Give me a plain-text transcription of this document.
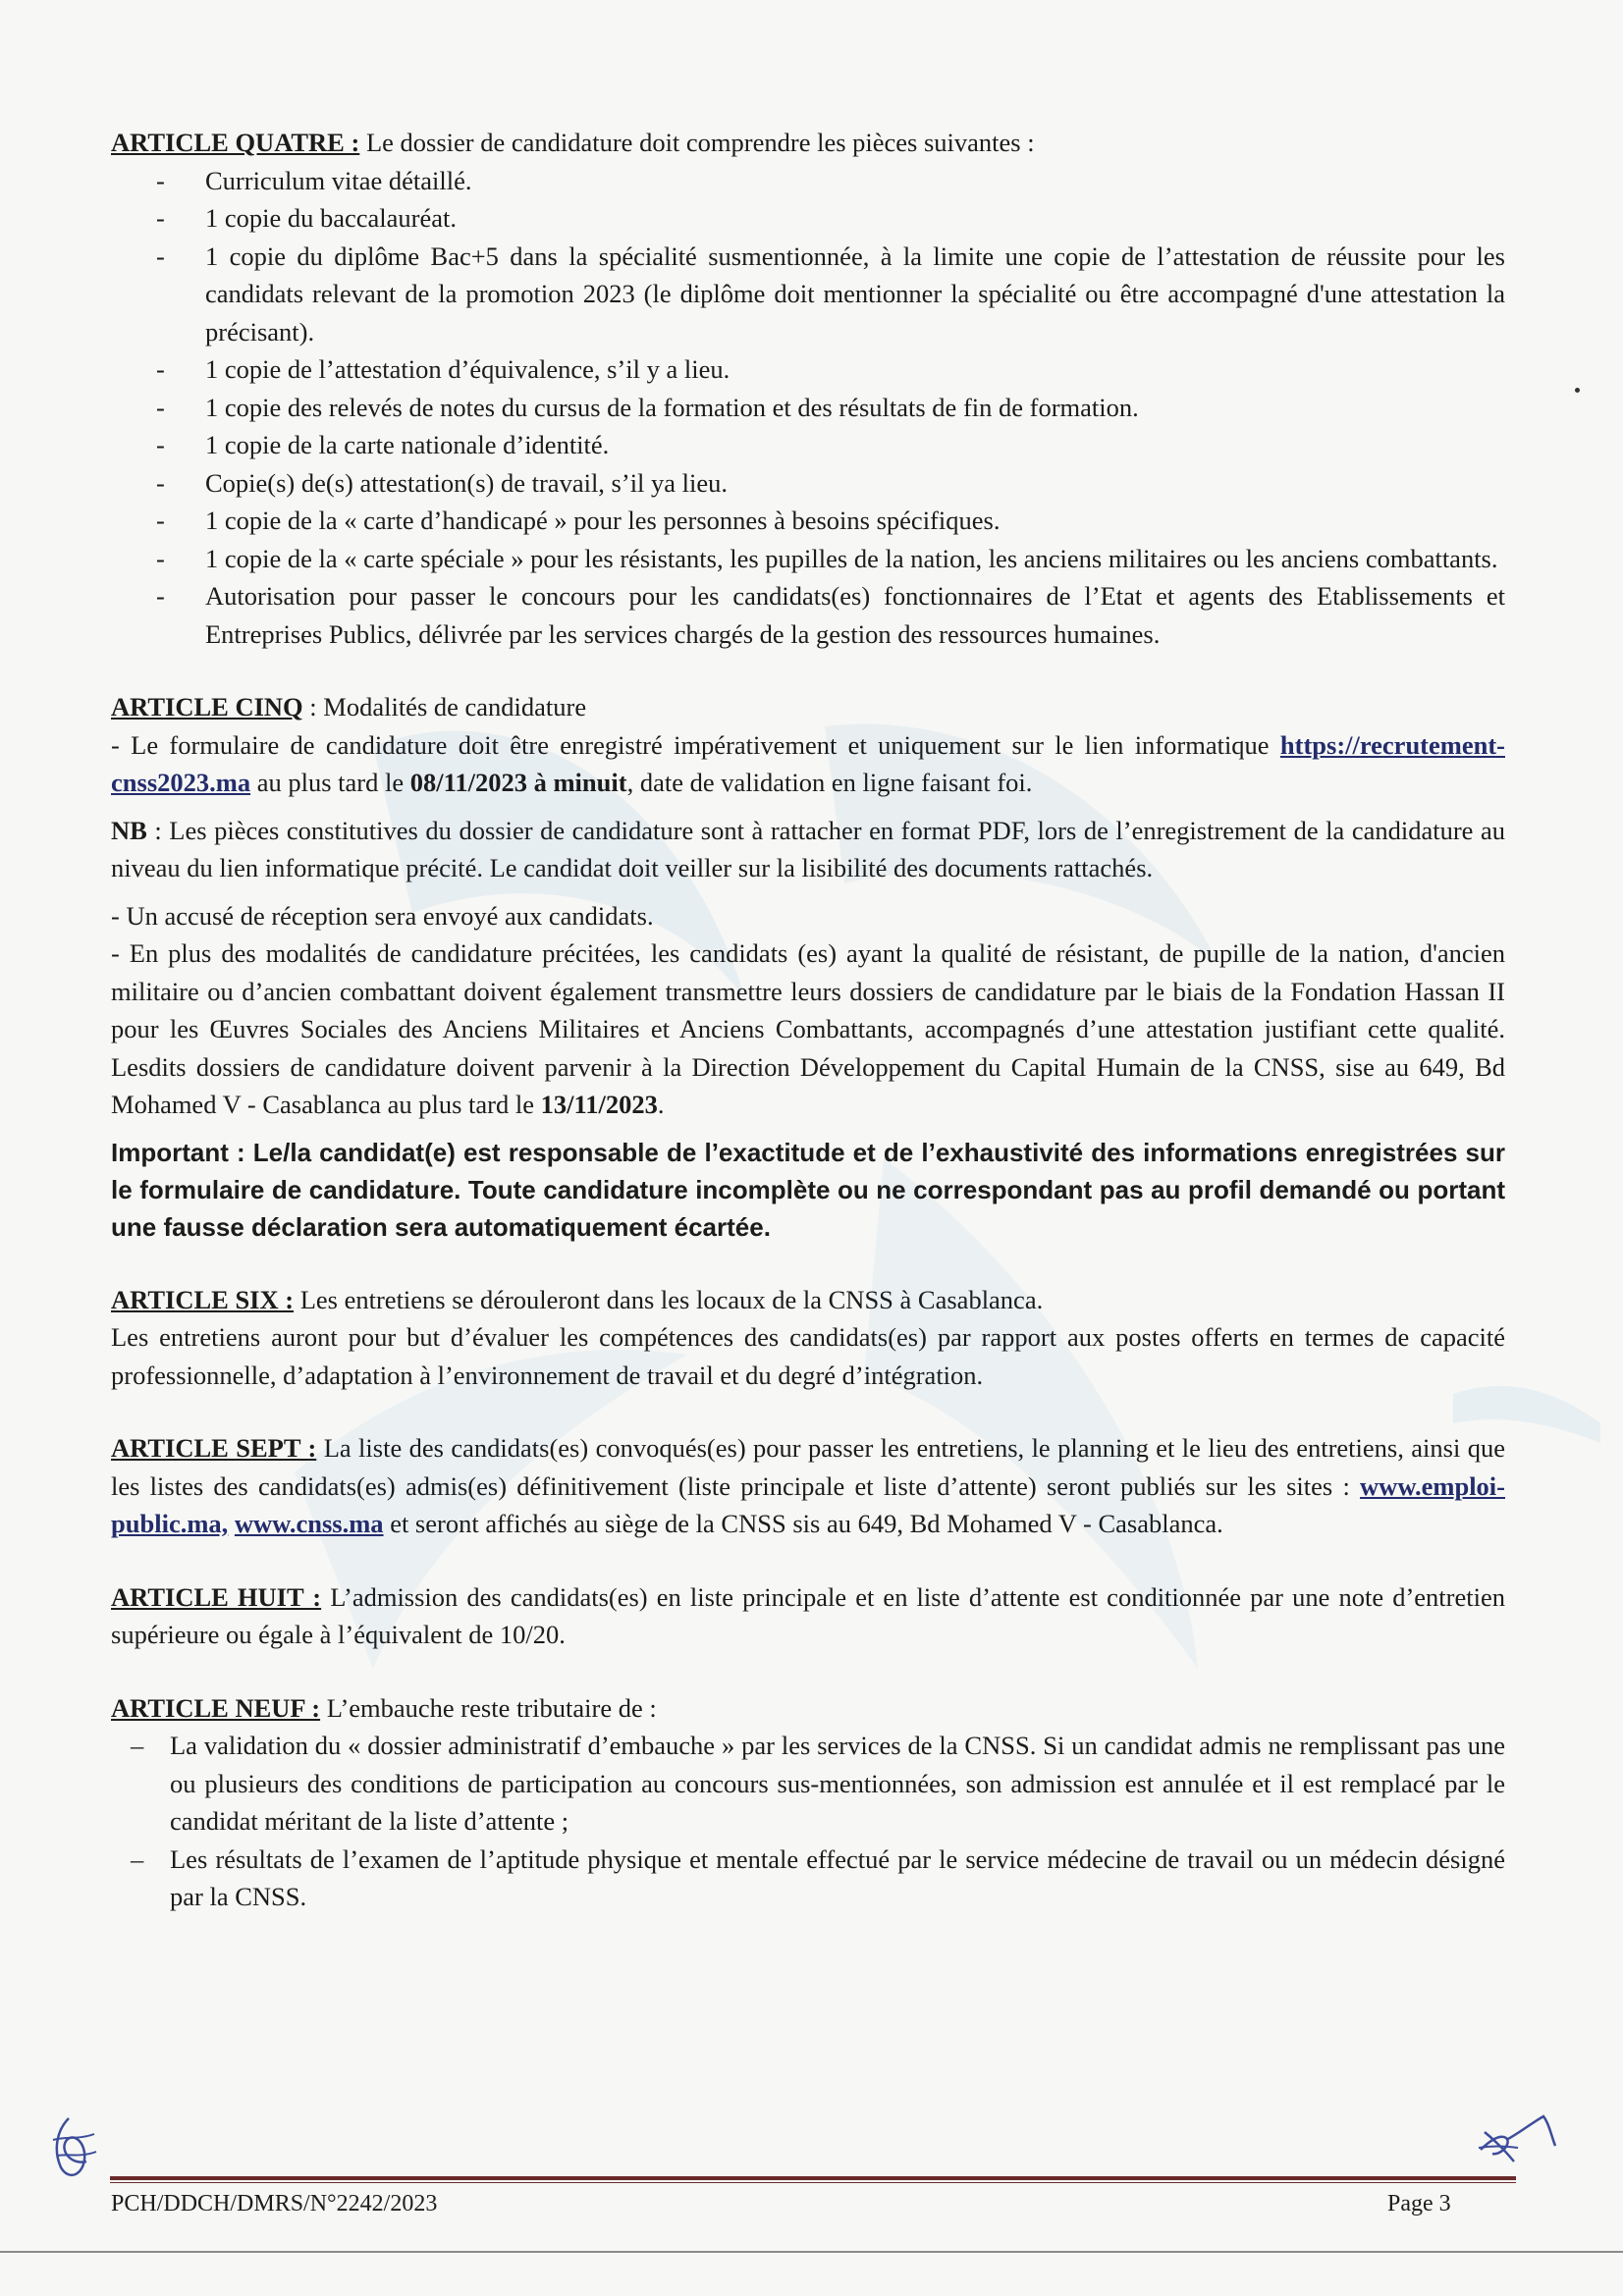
ARTICLE QUATRE : Le dossier de candidature doit comprendre les pièces suivantes :

- Curriculum vitae détaillé.
- 1 copie du baccalauréat.
- 1 copie du diplôme Bac+5 dans la spécialité susmentionnée, à la limite une copie de l’attestation de réussite pour les candidats relevant de la promotion 2023 (le diplôme doit mentionner la spécialité ou être accompagné d'une attestation la précisant).
- 1 copie de l’attestation d’équivalence, s’il y a lieu.
- 1 copie des relevés de notes du cursus de la formation et des résultats de fin de formation.
- 1 copie de la carte nationale d’identité.
- Copie(s) de(s) attestation(s) de travail, s’il ya lieu.
- 1 copie de la « carte d’handicapé » pour les personnes à besoins spécifiques.
- 1 copie de la « carte spéciale » pour les résistants, les pupilles de la nation, les anciens militaires ou les anciens combattants.
- Autorisation pour passer le concours pour les candidats(es) fonctionnaires de l’Etat et agents des Etablissements et Entreprises Publics, délivrée par les services chargés de la gestion des ressources humaines.

ARTICLE CINQ : Modalités de candidature

- Le formulaire de candidature doit être enregistré impérativement et uniquement sur le lien informatique https://recrutement-cnss2023.ma au plus tard le 08/11/2023 à minuit, date de validation en ligne faisant foi.

NB : Les pièces constitutives du dossier de candidature sont à rattacher en format PDF, lors de l’enregistrement de la candidature au niveau du lien informatique précité. Le candidat doit veiller sur la lisibilité des documents rattachés.

- Un accusé de réception sera envoyé aux candidats.

- En plus des modalités de candidature précitées, les candidats (es) ayant la qualité de résistant, de pupille de la nation, d'ancien militaire ou d’ancien combattant doivent également transmettre leurs dossiers de candidature par le biais de la Fondation Hassan II pour les Œuvres Sociales des Anciens Militaires et Anciens Combattants, accompagnés d’une attestation justifiant cette qualité. Lesdits dossiers de candidature doivent parvenir à la Direction Développement du Capital Humain de la CNSS, sise au 649, Bd Mohamed V - Casablanca au plus tard le 13/11/2023.

Important : Le/la candidat(e) est responsable de l’exactitude et de l’exhaustivité des informations enregistrées sur le formulaire de candidature. Toute candidature incomplète ou ne correspondant pas au profil demandé ou portant une fausse déclaration sera automatiquement écartée.

ARTICLE SIX : Les entretiens se dérouleront dans les locaux de la CNSS à Casablanca.

Les entretiens auront pour but d’évaluer les compétences des candidats(es) par rapport aux postes offerts en termes de capacité professionnelle, d’adaptation à l’environnement de travail et du degré d’intégration.

ARTICLE SEPT : La liste des candidats(es) convoqués(es) pour passer les entretiens, le planning et le lieu des entretiens, ainsi que les listes des candidats(es) admis(es) définitivement (liste principale et liste d’attente) seront publiés sur les sites : www.emploi-public.ma, www.cnss.ma et seront affichés au siège de la CNSS sis au 649, Bd Mohamed V - Casablanca.

ARTICLE HUIT : L’admission des candidats(es) en liste principale et en liste d’attente est conditionnée par une note d’entretien supérieure ou égale à l’équivalent de 10/20.

ARTICLE NEUF : L’embauche reste tributaire de :

– La validation du « dossier administratif d’embauche » par les services de la CNSS. Si un candidat admis ne remplissant pas une ou plusieurs des conditions de participation au concours sus-mentionnées, son admission est annulée et il est remplacé par le candidat méritant de la liste d’attente ;
– Les résultats de l’examen de l’aptitude physique et mentale effectué par le service médecine de travail ou un médecin désigné par la CNSS.
PCH/DDCH/DMRS/N°2242/2023	Page 3
